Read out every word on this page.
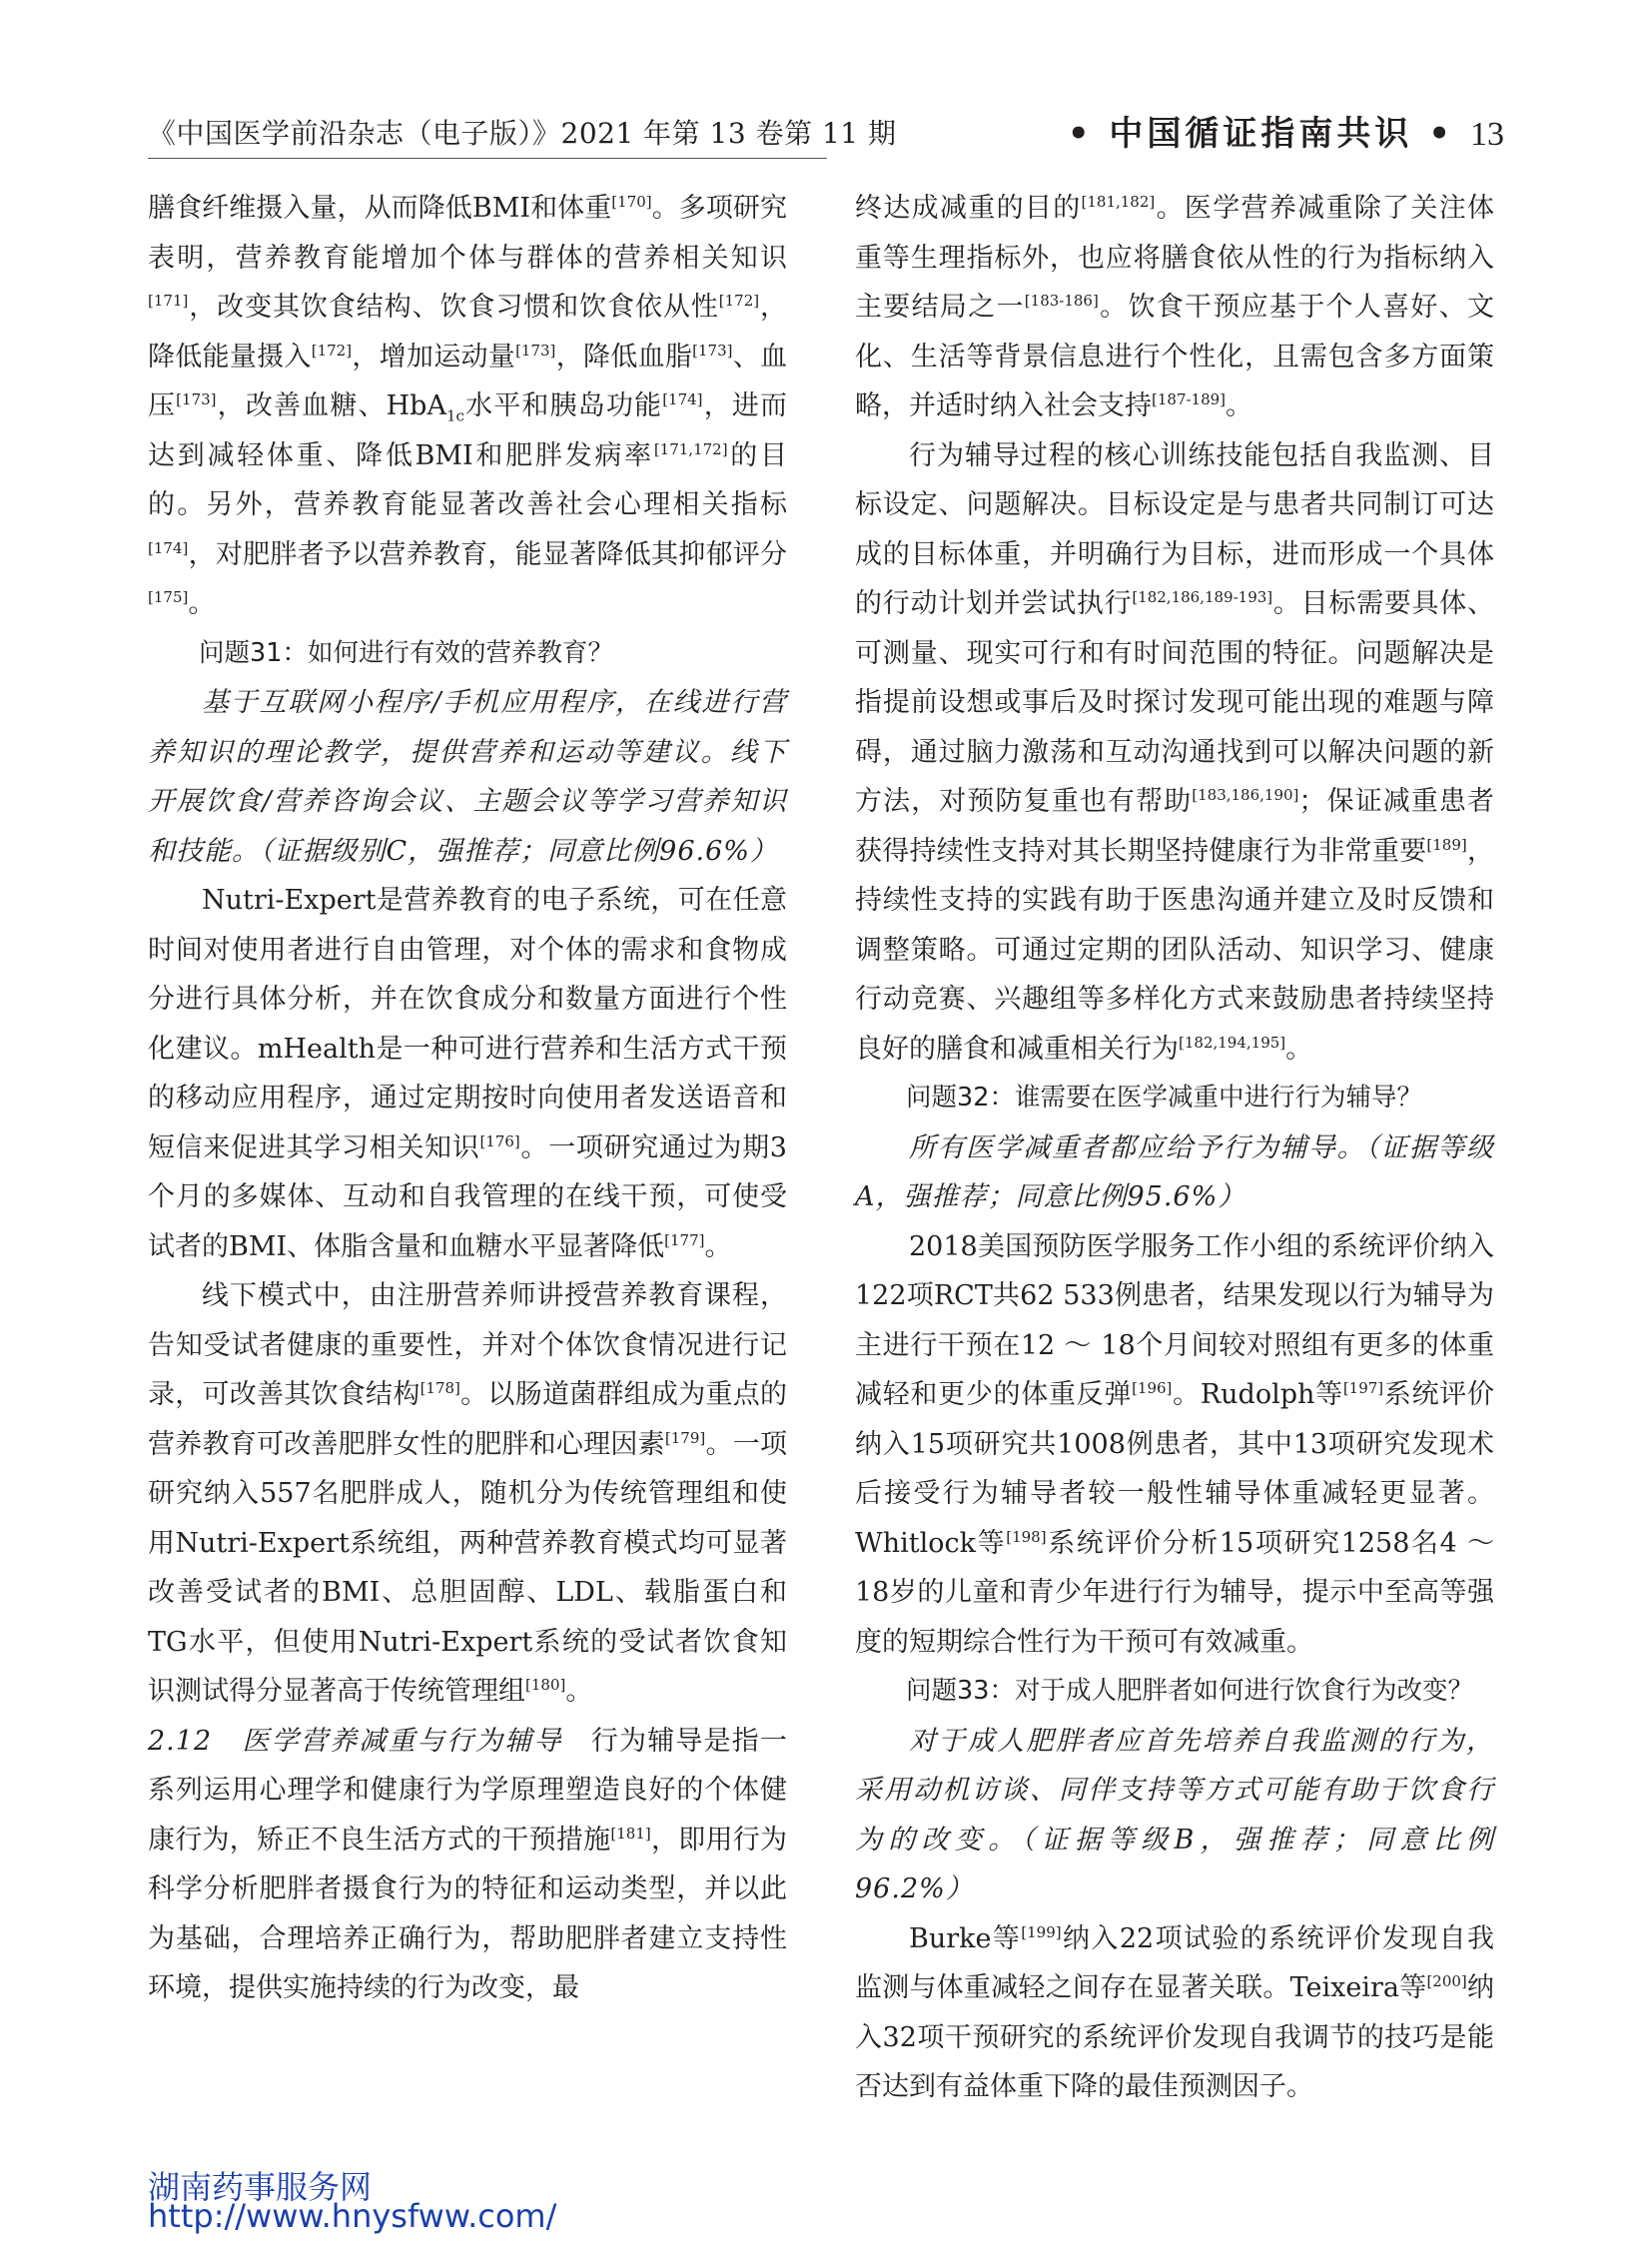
《中国医学前沿杂志（电子版）》2021 年第 13 卷第 11 期	• 中国循证指南共识 • 13

膳食纤维摄入量，从而降低BMI和体重[170]。多项研究表明，营养教育能增加个体与群体的营养相关知识[171]，改变其饮食结构、饮食习惯和饮食依从性[172]，降低能量摄入[172]，增加运动量[173]，降低血脂[173]、血压[173]，改善血糖、HbA$_{1c}$水平和胰岛功能[174]，进而达到减轻体重、降低BMI和肥胖发病率[171,172]的目的。另外，营养教育能显著改善社会心理相关指标[174]，对肥胖者予以营养教育，能显著降低其抑郁评分[175]。

问题31：如何进行有效的营养教育？

基于互联网小程序/手机应用程序，在线进行营养知识的理论教学，提供营养和运动等建议。线下开展饮食/营养咨询会议、主题会议等学习营养知识和技能。（证据级别C，强推荐；同意比例96.6%）

Nutri-Expert是营养教育的电子系统，可在任意时间对使用者进行自由管理，对个体的需求和食物成分进行具体分析，并在饮食成分和数量方面进行个性化建议。mHealth是一种可进行营养和生活方式干预的移动应用程序，通过定期按时向使用者发送语音和短信来促进其学习相关知识[176]。一项研究通过为期3个月的多媒体、互动和自我管理的在线干预，可使受试者的BMI、体脂含量和血糖水平显著降低[177]。

线下模式中，由注册营养师讲授营养教育课程，告知受试者健康的重要性，并对个体饮食情况进行记录，可改善其饮食结构[178]。以肠道菌群组成为重点的营养教育可改善肥胖女性的肥胖和心理因素[179]。一项研究纳入557名肥胖成人，随机分为传统管理组和使用Nutri-Expert系统组，两种营养教育模式均可显著改善受试者的BMI、总胆固醇、LDL、载脂蛋白和TG水平，但使用Nutri-Expert系统的受试者饮食知识测试得分显著高于传统管理组[180]。

2.12　医学营养减重与行为辅导　行为辅导是指一系列运用心理学和健康行为学原理塑造良好的个体健康行为，矫正不良生活方式的干预措施[181]，即用行为科学分析肥胖者摄食行为的特征和运动类型，并以此为基础，合理培养正确行为，帮助肥胖者建立支持性环境，提供实施持续的行为改变，最

终达成减重的目的[181,182]。医学营养减重除了关注体重等生理指标外，也应将膳食依从性的行为指标纳入主要结局之一[183-186]。饮食干预应基于个人喜好、文化、生活等背景信息进行个性化，且需包含多方面策略，并适时纳入社会支持[187-189]。

行为辅导过程的核心训练技能包括自我监测、目标设定、问题解决。目标设定是与患者共同制订可达成的目标体重，并明确行为目标，进而形成一个具体的行动计划并尝试执行[182,186,189-193]。目标需要具体、可测量、现实可行和有时间范围的特征。问题解决是指提前设想或事后及时探讨发现可能出现的难题与障碍，通过脑力激荡和互动沟通找到可以解决问题的新方法，对预防复重也有帮助[183,186,190]；保证减重患者获得持续性支持对其长期坚持健康行为非常重要[189]，持续性支持的实践有助于医患沟通并建立及时反馈和调整策略。可通过定期的团队活动、知识学习、健康行动竞赛、兴趣组等多样化方式来鼓励患者持续坚持良好的膳食和减重相关行为[182,194,195]。

问题32：谁需要在医学减重中进行行为辅导？

所有医学减重者都应给予行为辅导。（证据等级A，强推荐；同意比例95.6%）

2018美国预防医学服务工作小组的系统评价纳入122项RCT共62 533例患者，结果发现以行为辅导为主进行干预在12 ～ 18个月间较对照组有更多的体重减轻和更少的体重反弹[196]。Rudolph等[197]系统评价纳入15项研究共1008例患者，其中13项研究发现术后接受行为辅导者较一般性辅导体重减轻更显著。Whitlock等[198]系统评价分析15项研究1258名4 ～ 18岁的儿童和青少年进行行为辅导，提示中至高等强度的短期综合性行为干预可有效减重。

问题33：对于成人肥胖者如何进行饮食行为改变？

对于成人肥胖者应首先培养自我监测的行为，采用动机访谈、同伴支持等方式可能有助于饮食行为的改变。（证据等级B，强推荐；同意比例96.2%）

Burke等[199]纳入22项试验的系统评价发现自我监测与体重减轻之间存在显著关联。Teixeira等[200]纳入32项干预研究的系统评价发现自我调节的技巧是能否达到有益体重下降的最佳预测因子。

湖南药事服务网
http://www.hnysfww.com/
